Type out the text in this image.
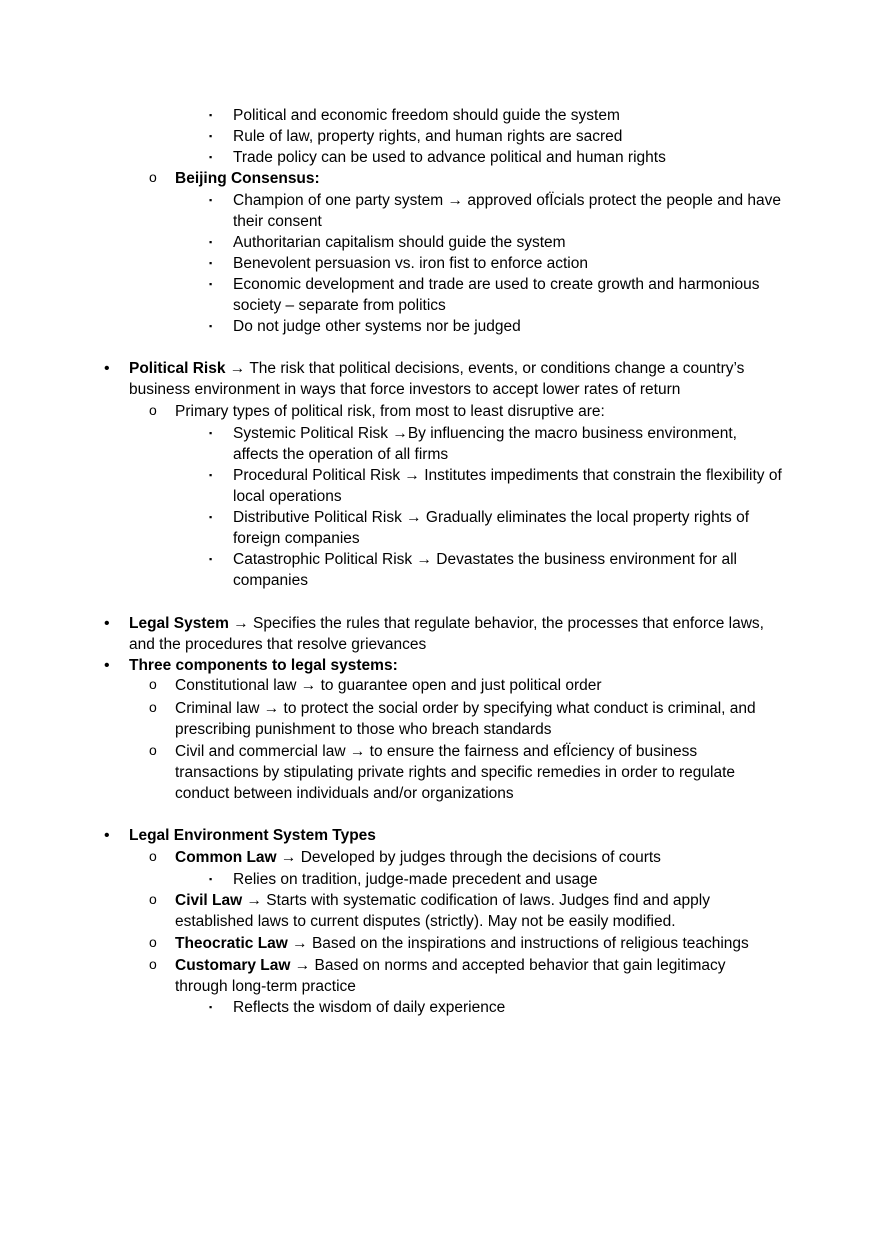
▪ Political and economic freedom should guide the system
▪ Rule of law, property rights, and human rights are sacred
▪ Trade policy can be used to advance political and human rights
o Beijing Consensus:
▪ Champion of one party system → approved ofÏcials protect the people and have their consent
▪ Authoritarian capitalism should guide the system
▪ Benevolent persuasion vs. iron fist to enforce action
▪ Economic development and trade are used to create growth and harmonious society – separate from politics
▪ Do not judge other systems nor be judged
• Political Risk → The risk that political decisions, events, or conditions change a country’s business environment in ways that force investors to accept lower rates of return
o Primary types of political risk, from most to least disruptive are:
▪ Systemic Political Risk →By influencing the macro business environment, affects the operation of all firms
▪ Procedural Political Risk → Institutes impediments that constrain the flexibility of local operations
▪ Distributive Political Risk → Gradually eliminates the local property rights of foreign companies
▪ Catastrophic Political Risk → Devastates the business environment for all companies
• Legal System → Specifies the rules that regulate behavior, the processes that enforce laws, and the procedures that resolve grievances
• Three components to legal systems:
o Constitutional law → to guarantee open and just political order
o Criminal law → to protect the social order by specifying what conduct is criminal, and prescribing punishment to those who breach standards
o Civil and commercial law → to ensure the fairness and efÏciency of business transactions by stipulating private rights and specific remedies in order to regulate conduct between individuals and/or organizations
• Legal Environment System Types
o Common Law → Developed by judges through the decisions of courts
▪ Relies on tradition, judge-made precedent and usage
o Civil Law → Starts with systematic codification of laws. Judges find and apply established laws to current disputes (strictly). May not be easily modified.
o Theocratic Law → Based on the inspirations and instructions of religious teachings
o Customary Law → Based on norms and accepted behavior that gain legitimacy through long-term practice
▪ Reflects the wisdom of daily experience
